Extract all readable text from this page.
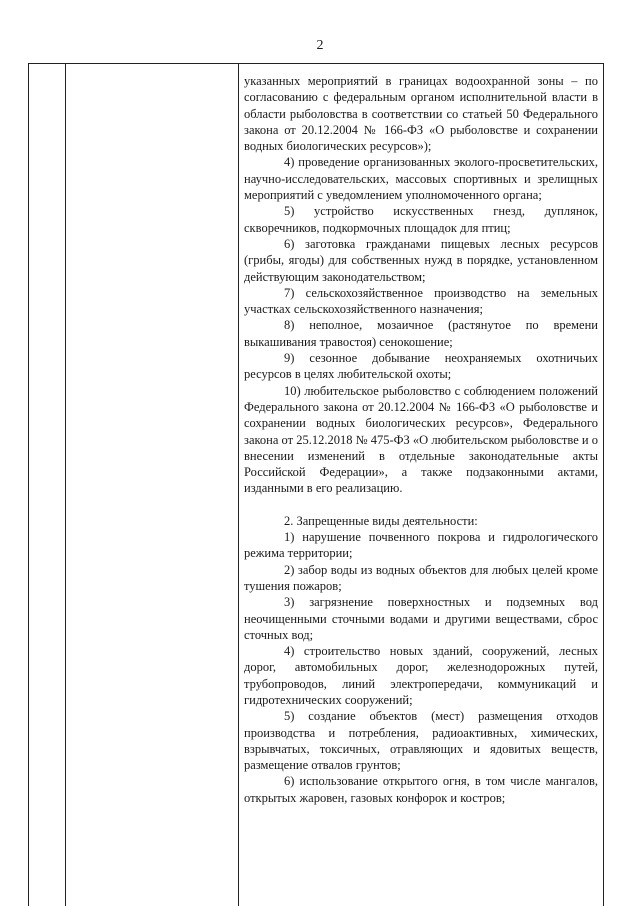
2

указанных мероприятий в границах водоохранной зоны – по согласованию с федеральным органом исполнительной власти в области рыболовства в соответствии со статьей 50 Федерального закона от 20.12.2004 № 166-ФЗ «О рыболовстве и сохранении водных биологических ресурсов»);

4) проведение организованных эколого-просветительских, научно-исследовательских, массовых спортивных и зрелищных мероприятий с уведомлением уполномоченного органа;

5) устройство искусственных гнезд, дуплянок, скворечников, подкормочных площадок для птиц;

6) заготовка гражданами пищевых лесных ресурсов (грибы, ягоды) для собственных нужд в порядке, установленном действующим законодательством;

7) сельскохозяйственное производство на земельных участках сельскохозяйственного назначения;

8) неполное, мозаичное (растянутое по времени выкашивания травостоя) сенокошение;

9) сезонное добывание неохраняемых охотничьих ресурсов в целях любительской охоты;

10) любительское рыболовство с соблюдением положений Федерального закона от 20.12.2004 № 166-ФЗ «О рыболовстве и сохранении водных биологических ресурсов», Федерального закона от 25.12.2018 № 475-ФЗ «О любительском рыболовстве и о внесении изменений в отдельные законодательные акты Российской Федерации», а также подзаконными актами, изданными в его реализацию.

2. Запрещенные виды деятельности:

1) нарушение почвенного покрова и гидрологического режима территории;

2) забор воды из водных объектов для любых целей кроме тушения пожаров;

3) загрязнение поверхностных и подземных вод неочищенными сточными водами и другими веществами, сброс сточных вод;

4) строительство новых зданий, сооружений, лесных дорог, автомобильных дорог, железнодорожных путей, трубопроводов, линий электропередачи, коммуникаций и гидротехнических сооружений;

5) создание объектов (мест) размещения отходов производства и потребления, радиоактивных, химических, взрывчатых, токсичных, отравляющих и ядовитых веществ, размещение отвалов грунтов;

6) использование открытого огня, в том числе мангалов, открытых жаровен, газовых конфорок и костров;
